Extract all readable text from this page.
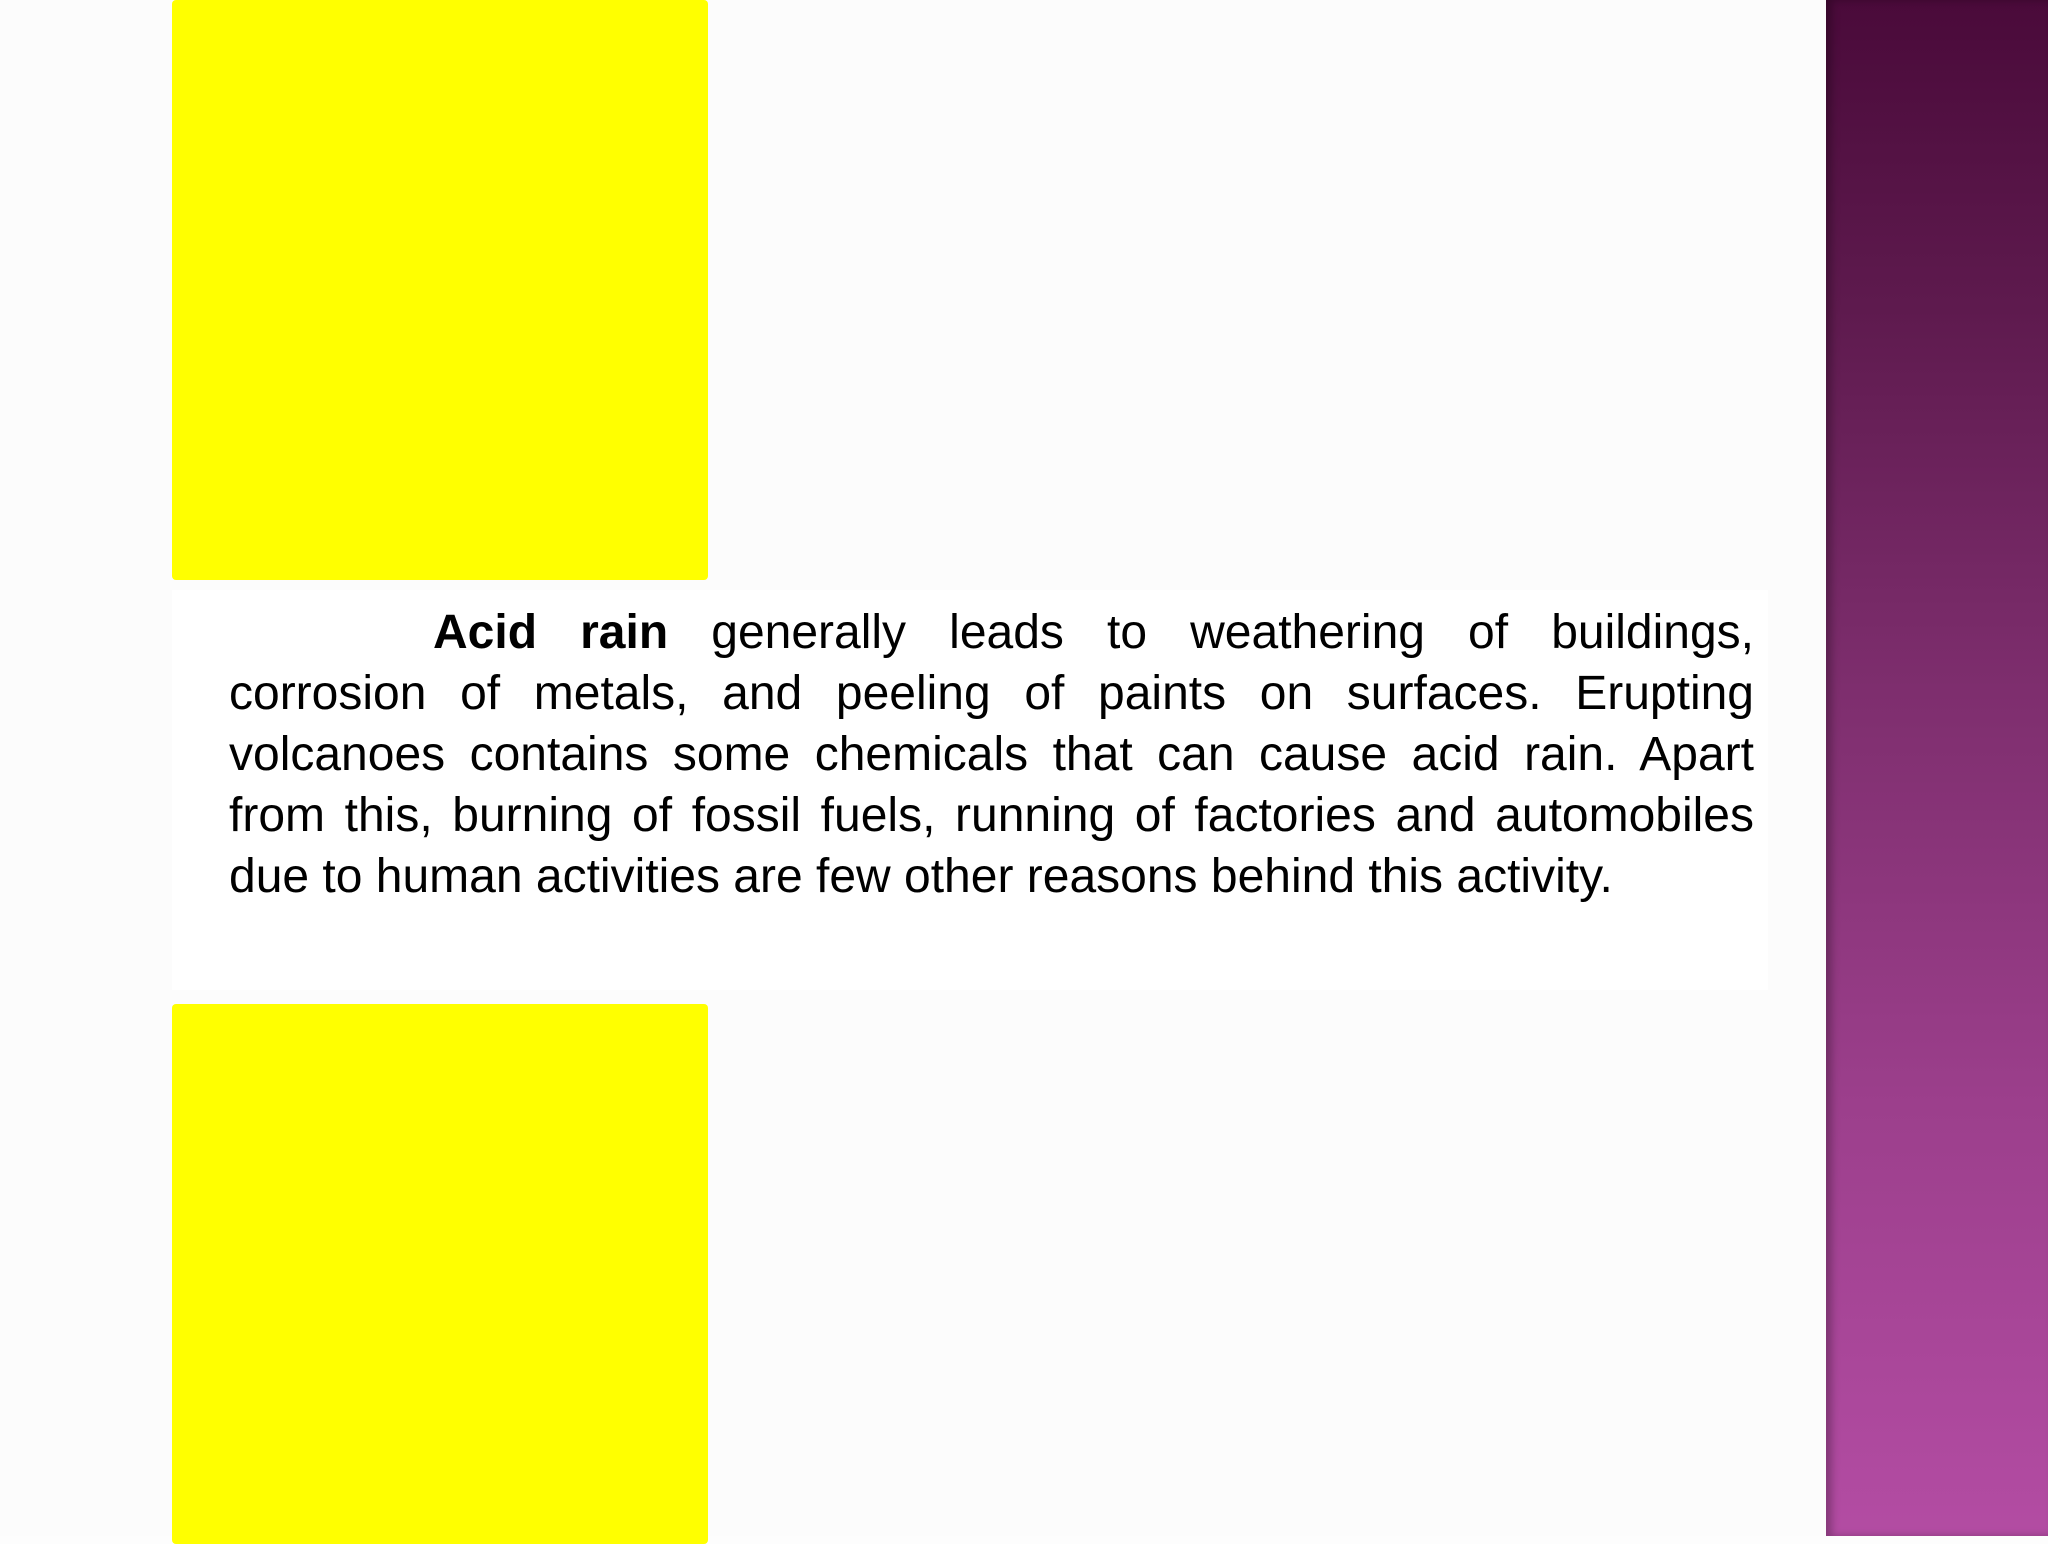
Acid rain generally leads to weathering of buildings, corrosion of metals, and peeling of paints on surfaces. Erupting volcanoes contains some chemicals that can cause acid rain. Apart from this, burning of fossil fuels, running of factories and automobiles due to human activities are few other reasons behind this activity.
